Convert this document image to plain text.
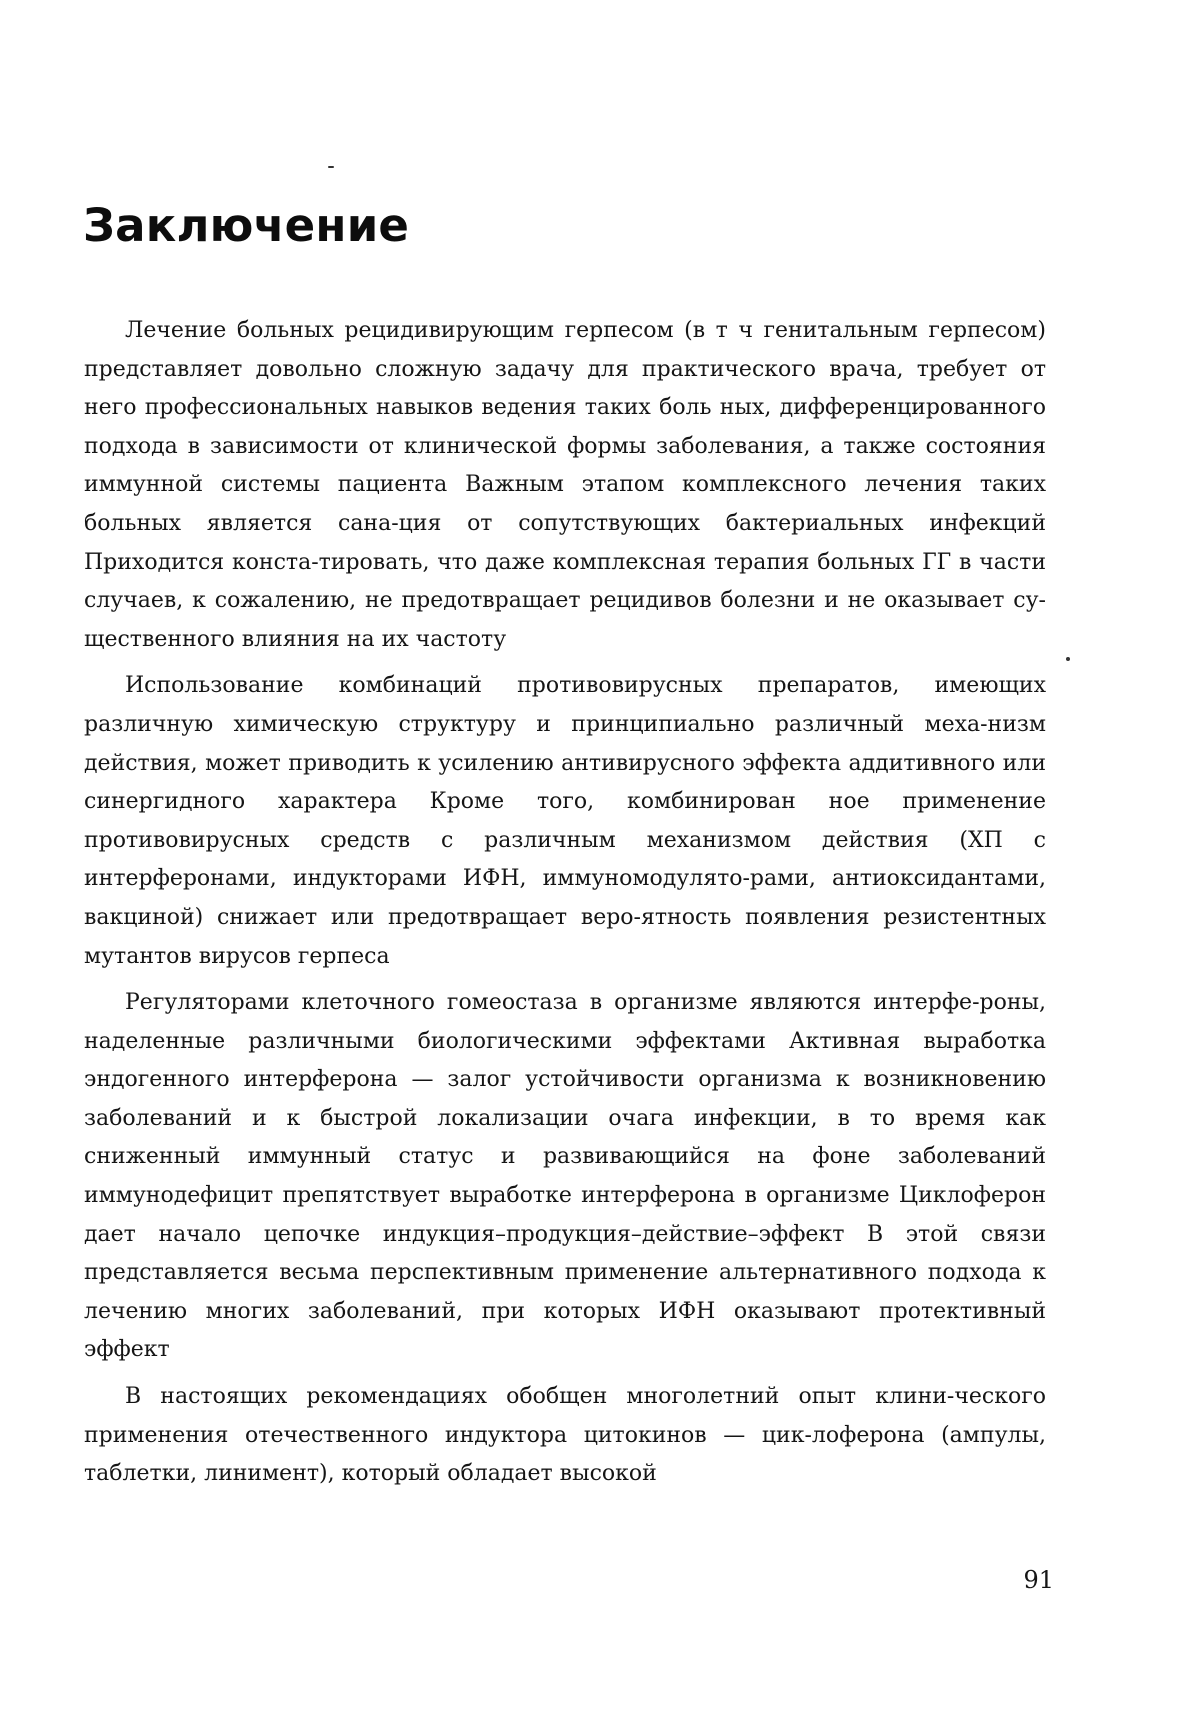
Заключение

Лечение больных рецидивирующим герпесом (в т ч генитальным герпесом) представляет довольно сложную задачу для практического врача, требует от него профессиональных навыков ведения таких боль ных, дифференцированного подхода в зависимости от клинической формы заболевания, а также состояния иммунной системы пациента Важным этапом комплексного лечения таких больных является сана-ция от сопутствующих бактериальных инфекций Приходится конста-тировать, что даже комплексная терапия больных ГГ в части случаев, к сожалению, не предотвращает рецидивов болезни и не оказывает су-щественного влияния на их частоту

Использование комбинаций противовирусных препаратов, имеющих различную химическую структуру и принципиально различный меха-низм действия, может приводить к усилению антивирусного эффекта аддитивного или синергидного характера Кроме того, комбинирован ное применение противовирусных средств с различным механизмом действия (ХП с интерферонами, индукторами ИФН, иммуномодулято-рами, антиоксидантами, вакциной) снижает или предотвращает веро-ятность появления резистентных мутантов вирусов герпеса

Регуляторами клеточного гомеостаза в организме являются интерфе-роны, наделенные различными биологическими эффектами Активная выработка эндогенного интерферона — залог устойчивости организма к возникновению заболеваний и к быстрой локализации очага инфекции, в то время как сниженный иммунный статус и развивающийся на фоне заболеваний иммунодефицит препятствует выработке интерферона в организме Циклоферон дает начало цепочке индукция–продукция–действие–эффект В этой связи представляется весьма перспективным применение альтернативного подхода к лечению многих заболеваний, при которых ИФН оказывают протективный эффект

В настоящих рекомендациях обобщен многолетний опыт клини-ческого применения отечественного индуктора цитокинов — цик-лоферона (ампулы, таблетки, линимент), который обладает высокой

91
